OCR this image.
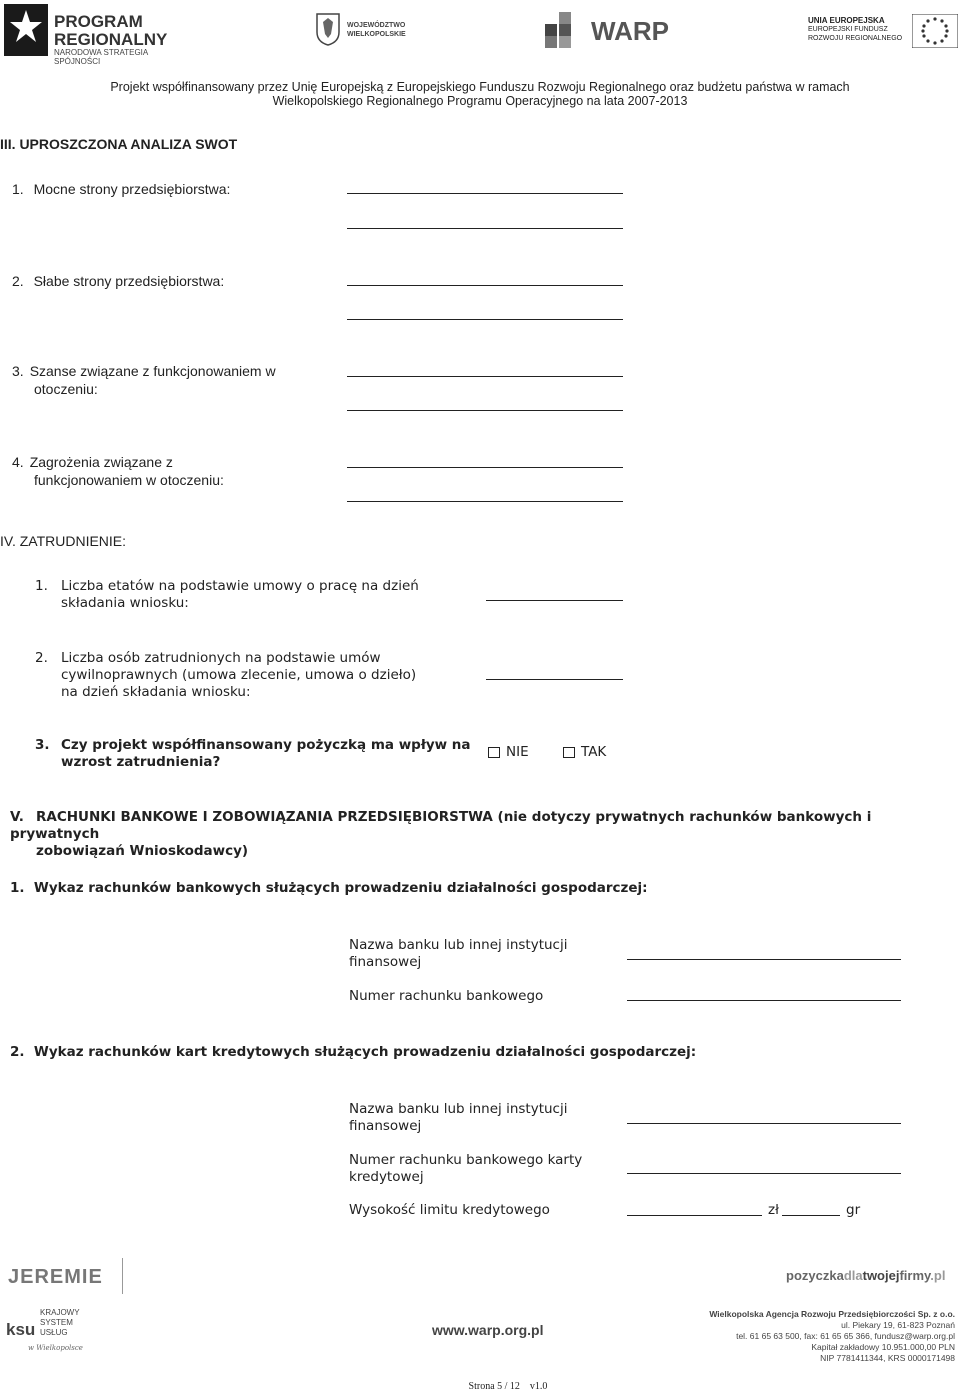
PROGRAM
REGIONALNY
NARODOWA STRATEGIA SPÓJNOŚCI
WOJEWÓDZTWO
WIELKOPOLSKIE	WARP	UNIA EUROPEJSKA
EUROPEJSKI FUNDUSZ
ROZWOJU REGIONALNEGO
Projekt współfinansowany przez Unię Europejską z Europejskiego Funduszu Rozwoju Regionalnego oraz budżetu państwa w ramach
Wielkopolskiego Regionalnego Programu Operacyjnego na lata 2007-2013
III. UPROSZCZONA ANALIZA SWOT
1. Mocne strony przedsiębiorstwa:
2. Słabe strony przedsiębiorstwa:
3. Szanse związane z funkcjonowaniem w
otoczeniu:
4. Zagrożenia związane z
funkcjonowaniem w otoczeniu:
IV. ZATRUDNIENIE:
1. Liczba etatów na podstawie umowy o pracę na dzień
składania wniosku:
2. Liczba osób zatrudnionych na podstawie umów
cywilnoprawnych (umowa zlecenie, umowa o dzieło)
na dzień składania wniosku:
3. Czy projekt współfinansowany pożyczką ma wpływ na
wzrost zatrudnienia?
NIE	TAK
V. RACHUNKI BANKOWE I ZOBOWIĄZANIA PRZEDSIĘBIORSTWA (nie dotyczy prywatnych rachunków bankowych i prywatnych
zobowiązań Wnioskodawcy)
1.  Wykaz rachunków bankowych służących prowadzeniu działalności gospodarczej:
Nazwa banku lub innej instytucji
finansowej
Numer rachunku bankowego
2.  Wykaz rachunków kart kredytowych służących prowadzeniu działalności gospodarczej:
Nazwa banku lub innej instytucji
finansowej
Numer rachunku bankowego karty
kredytowej
Wysokość limitu kredytowego	zł	gr
JEREMIE	pozyczkadlatwojejfirmy.pl
ksu
KRAJOWY
SYSTEM
USŁUG
w Wielkopolsce
www.warp.org.pl
Wielkopolska Agencja Rozwoju Przedsiębiorczości Sp. z o.o.
ul. Piekary 19, 61-823 Poznań
tel. 61 65 63 500, fax: 61 65 65 366, fundusz@warp.org.pl
Kapitał zakładowy 10.951.000,00 PLN
NIP 7781411344, KRS 0000171498
Strona 5 / 12    v1.0
